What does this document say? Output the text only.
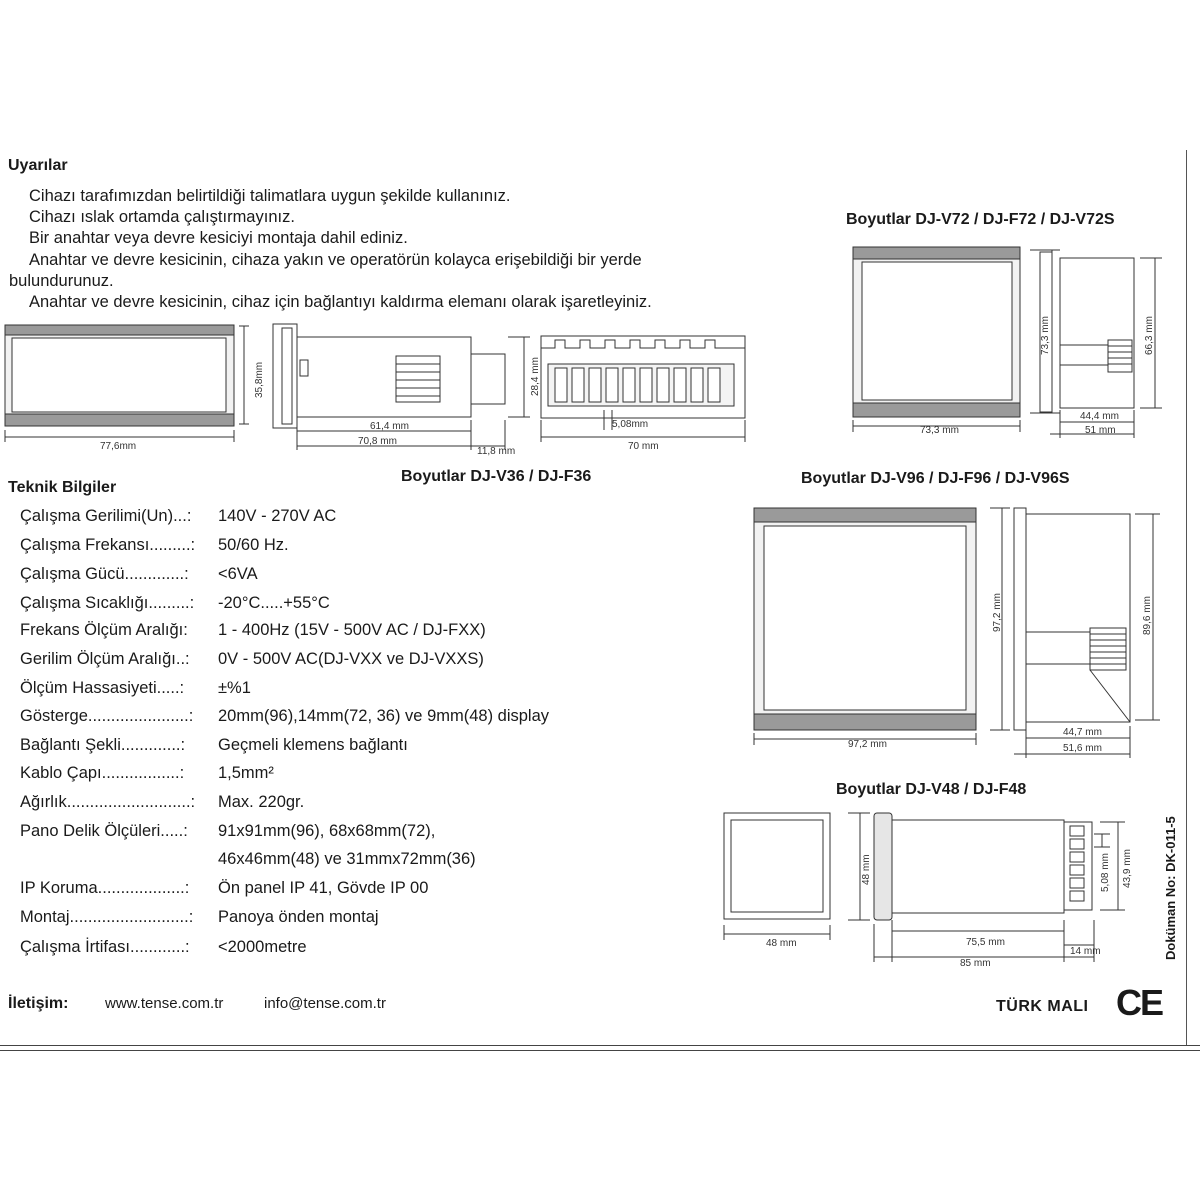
Uyarılar
Cihazı tarafımızdan belirtildiği talimatlara uygun şekilde kullanınız.
Cihazı ıslak ortamda çalıştırmayınız.
Bir anahtar veya devre kesiciyi montaja dahil ediniz.
Anahtar ve devre kesicinin, cihaza yakın ve operatörün kolayca erişebildiği bir yerde bulundurunuz.
Anahtar ve devre kesicinin, cihaz için bağlantıyı kaldırma elemanı olarak işaretleyiniz.
77,6mm
35,8mm
61,4 mm
70,8 mm
11,8 mm
28,4 mm
5,08mm
70 mm
Boyutlar DJ-V36 / DJ-F36
Boyutlar DJ-V72 / DJ-F72 / DJ-V72S
73,3 mm
73,3 mm	66,3 mm
44,4 mm
51 mm
Boyutlar DJ-V96 / DJ-F96 / DJ-V96S
97,2 mm
97,2 mm	89,6 mm
44,7 mm
51,6 mm
Boyutlar DJ-V48 / DJ-F48
48 mm
48 mm
75,5 mm
85 mm
14 mm
5,08 mm 43,9 mm
Teknik Bilgiler
Çalışma Gerilimi(Un)...: 140V - 270V AC
Çalışma Frekansı.........: 50/60 Hz.
Çalışma Gücü.............: <6VA
Çalışma Sıcaklığı.........: -20°C.....+55°C
Frekans Ölçüm Aralığı: 1 - 400Hz (15V - 500V AC / DJ-FXX)
Gerilim Ölçüm Aralığı..: 0V - 500V AC(DJ-VXX ve DJ-VXXS)
Ölçüm Hassasiyeti.....: ±%1
Gösterge......................: 20mm(96),14mm(72, 36) ve 9mm(48) display
Bağlantı Şekli.............: Geçmeli klemens bağlantı
Kablo Çapı.................: 1,5mm²
Ağırlık...........................: Max. 220gr.
Pano Delik Ölçüleri.....: 91x91mm(96), 68x68mm(72),
46x46mm(48) ve 31mmx72mm(36)
IP Koruma...................: Ön panel IP 41, Gövde IP 00
Montaj..........................: Panoya önden montaj
Çalışma İrtifası............: <2000metre
İletişim: www.tense.com.tr	info@tense.com.tr	TÜRK MALI CE
Doküman No: DK-011-5
